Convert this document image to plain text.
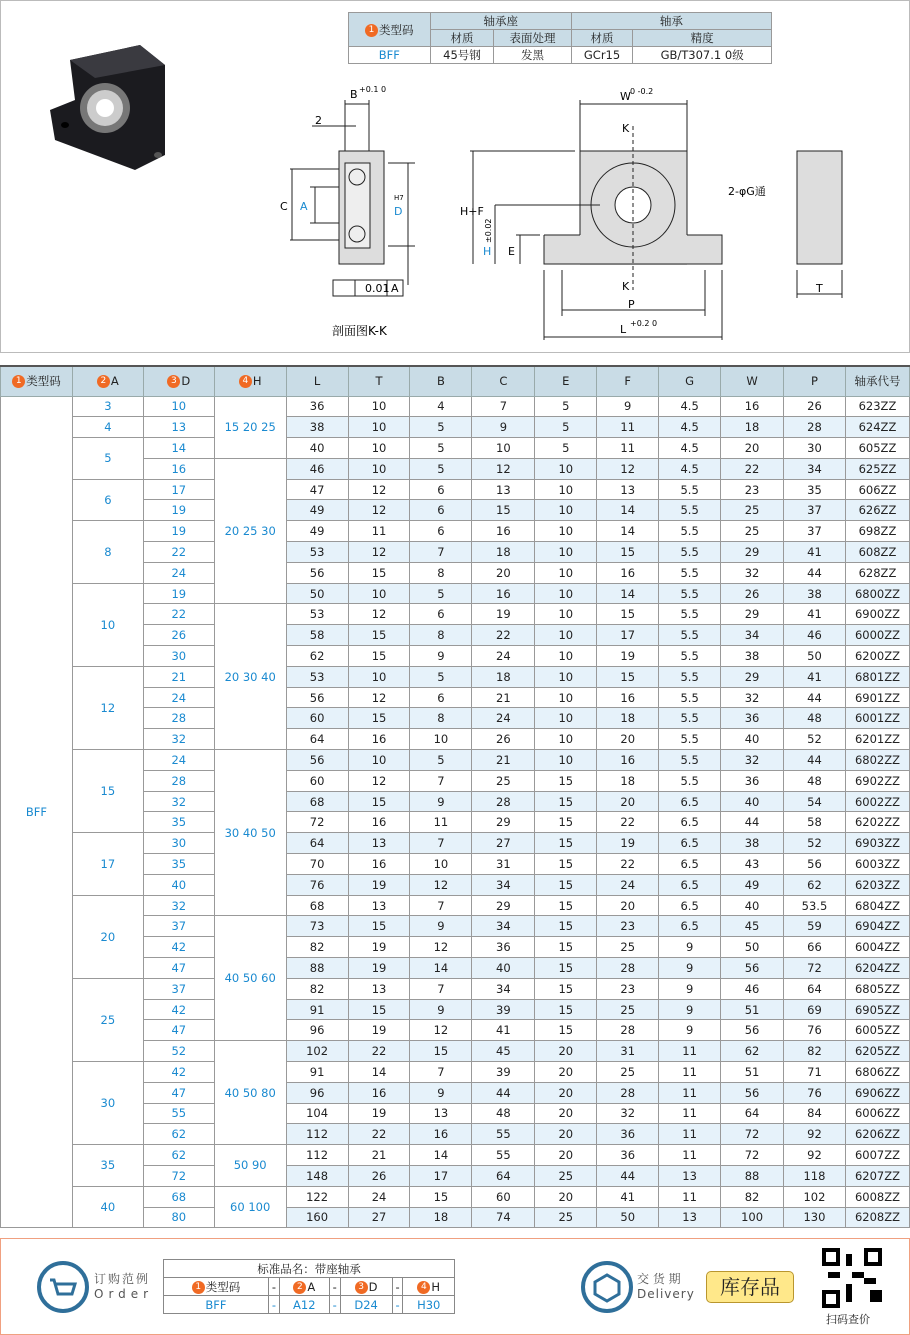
1 类型码	轴承座		轴承	
	材质	表面处理	材质	精度
BFF	45号钢	发黑	GCr15	GB/T307.1 0级
B +0.1 0
2
C A	D
H7
0.01 A
剖面图K-K
W 0 -0.2
K
K
H+F
H
±0.02
E
2-φG通
P
L +0.2 0
T
1 类型码	2 A	3 D	4 H	L	T	B	C	E	F	G	W	P	轴承代号
BFF	3	10	15 20 25	36	10	4	7	5	9	4.5	16	26	623ZZ
	4	13		38	10	5	9	5	11	4.5	18	28	624ZZ
	5	14		40	10	5	10	5	11	4.5	20	30	605ZZ
		16	20 25 30	46	10	5	12	10	12	4.5	22	34	625ZZ
	6	17		47	12	6	13	10	13	5.5	23	35	606ZZ
		19		49	12	6	15	10	14	5.5	25	37	626ZZ
	8	19		49	11	6	16	10	14	5.5	25	37	698ZZ
		22		53	12	7	18	10	15	5.5	29	41	608ZZ
		24		56	15	8	20	10	16	5.5	32	44	628ZZ
	10	19		50	10	5	16	10	14	5.5	26	38	6800ZZ
		22	20 30 40	53	12	6	19	10	15	5.5	29	41	6900ZZ
		26		58	15	8	22	10	17	5.5	34	46	6000ZZ
		30		62	15	9	24	10	19	5.5	38	50	6200ZZ
	12	21		53	10	5	18	10	15	5.5	29	41	6801ZZ
		24		56	12	6	21	10	16	5.5	32	44	6901ZZ
		28		60	15	8	24	10	18	5.5	36	48	6001ZZ
		32		64	16	10	26	10	20	5.5	40	52	6201ZZ
	15	24	30 40 50	56	10	5	21	10	16	5.5	32	44	6802ZZ
		28		60	12	7	25	15	18	5.5	36	48	6902ZZ
		32		68	15	9	28	15	20	6.5	40	54	6002ZZ
		35		72	16	11	29	15	22	6.5	44	58	6202ZZ
	17	30		64	13	7	27	15	19	6.5	38	52	6903ZZ
		35		70	16	10	31	15	22	6.5	43	56	6003ZZ
		40		76	19	12	34	15	24	6.5	49	62	6203ZZ
	20	32		68	13	7	29	15	20	6.5	40	53.5	6804ZZ
		37	40 50 60	73	15	9	34	15	23	6.5	45	59	6904ZZ
		42		82	19	12	36	15	25	9	50	66	6004ZZ
		47		88	19	14	40	15	28	9	56	72	6204ZZ
	25	37		82	13	7	34	15	23	9	46	64	6805ZZ
		42		91	15	9	39	15	25	9	51	69	6905ZZ
		47		96	19	12	41	15	28	9	56	76	6005ZZ
		52	40 50 80	102	22	15	45	20	31	11	62	82	6205ZZ
	30	42		91	14	7	39	20	25	11	51	71	6806ZZ
		47		96	16	9	44	20	28	11	56	76	6906ZZ
		55		104	19	13	48	20	32	11	64	84	6006ZZ
		62		112	22	16	55	20	36	11	72	92	6206ZZ
	35	62	50 90	112	21	14	55	20	36	11	72	92	6007ZZ
		72		148	26	17	64	25	44	13	88	118	6207ZZ
	40	68	60 100	122	24	15	60	20	41	11	82	102	6008ZZ
		80		160	27	18	74	25	50	13	100	130	6208ZZ
订购范例
Order
标准品名：带座轴承						
1 类型码	-	2 A	-	3 D	-	4 H
BFF	-	A12	-	D24	-	H30
交 货 期
Delivery	库存品
扫码查价
